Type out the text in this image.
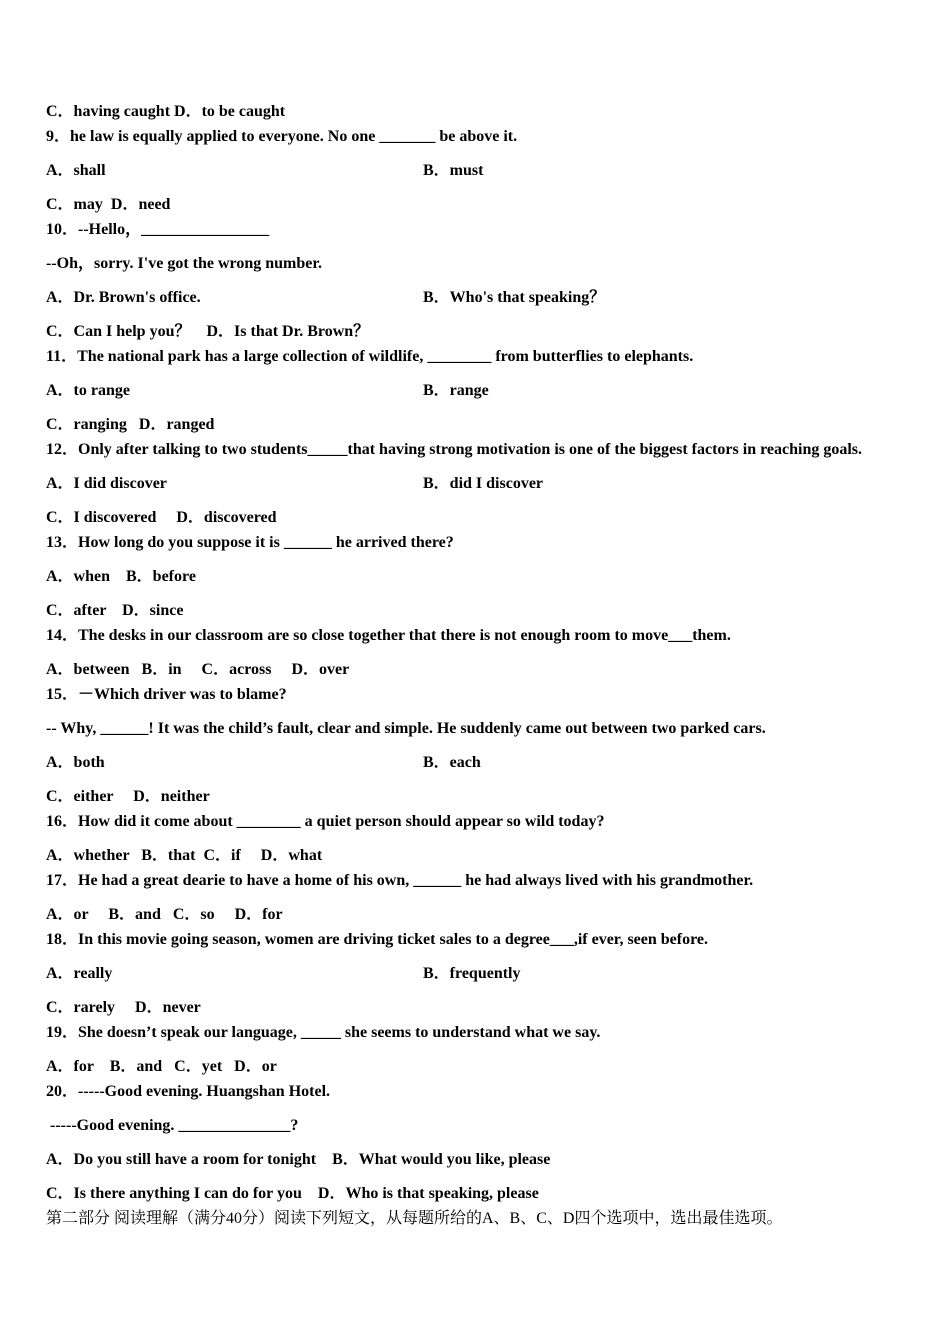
C．having caught D．to be caught
9．he law is equally applied to everyone. No one _______ be above it.
A．shall	B．must
C．may  D．need
10．--Hello，________________
--Oh，sorry. I've got the wrong number.
A．Dr. Brown's office.	B．Who's that speaking？
C．Can I help you？    D．Is that Dr. Brown？
11．The national park has a large collection of wildlife, ________ from butterflies to elephants.
A．to range	B．range
C．ranging   D．ranged
12．Only after talking to two students_____that having strong motivation is one of the biggest factors in reaching goals.
A．I did discover	B．did I discover
C．I discovered     D．discovered
13．How long do you suppose it is ______ he arrived there?
A．when    B．before
C．after    D．since
14．The desks in our classroom are so close together that there is not enough room to move___them.
A．between   B．in     C．across     D．over
15．－Which driver was to blame?
-- Why, ______! It was the child’s fault, clear and simple. He suddenly came out between two parked cars.
A．both	B．each
C．either     D．neither
16．How did it come about ________ a quiet person should appear so wild today?
A．whether   B．that  C．if     D．what
17．He had a great dearie to have a home of his own, ______ he had always lived with his grandmother.
A．or     B．and   C．so     D．for
18．In this movie going season, women are driving ticket sales to a degree___,if ever, seen before.
A．really	B．frequently
C．rarely     D．never
19．She doesn’t speak our language, _____ she seems to understand what we say.
A．for    B．and   C．yet   D．or
20．-----Good evening. Huangshan Hotel.
-----Good evening. ______________?
A．Do you still have a room for tonight    B．What would you like, please
C．Is there anything I can do for you    D．Who is that speaking, please
第二部分 阅读理解（满分40分）阅读下列短文，从每题所给的A、B、C、D四个选项中，选出最佳选项。
